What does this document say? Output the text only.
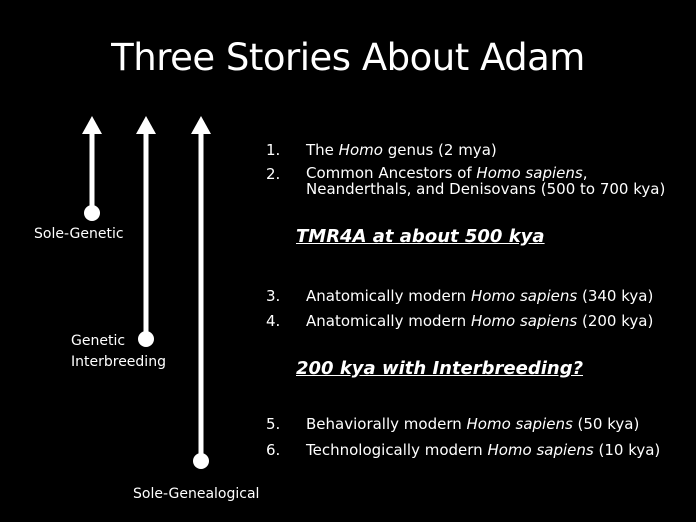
Three Stories About Adam
Sole-Genetic
Genetic
Interbreeding
Sole-Genealogical
1. The Homo genus (2 mya)
2. Common Ancestors of Homo sapiens,
Neanderthals, and Denisovans (500 to 700 kya)
TMR4A at about 500 kya
3. Anatomically modern Homo sapiens (340 kya)
4. Anatomically modern Homo sapiens (200 kya)
200 kya with Interbreeding?
5. Behaviorally modern Homo sapiens (50 kya)
6. Technologically modern Homo sapiens (10 kya)
